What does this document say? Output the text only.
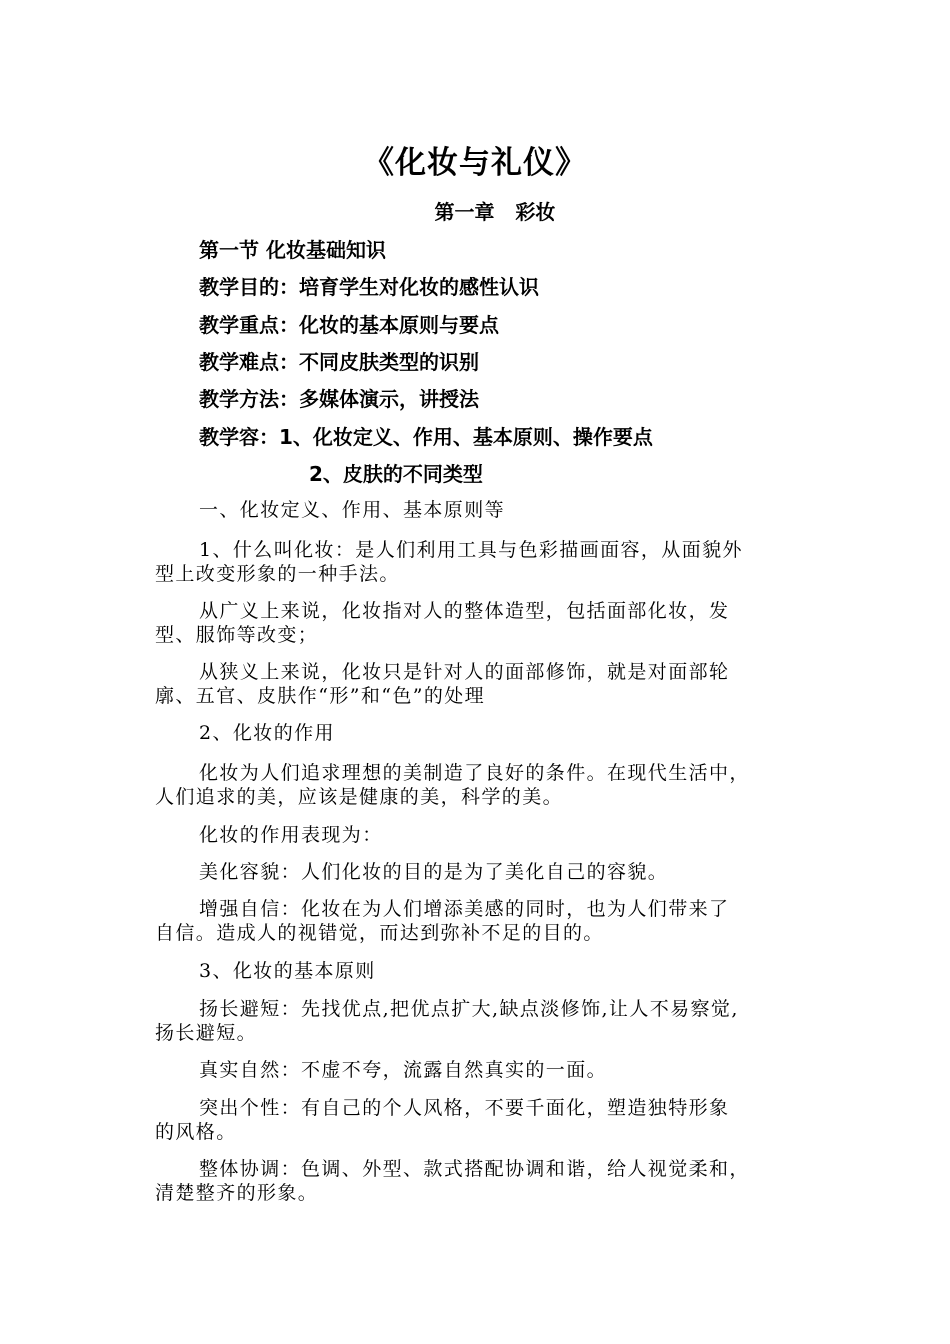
《化妆与礼仪》
第一章   彩妆
第一节 化妆基础知识
教学目的：培育学生对化妆的感性认识
教学重点：化妆的基本原则与要点
教学难点：不同皮肤类型的识别
教学方法：多媒体演示，讲授法
教学容：1、化妆定义、作用、基本原则、操作要点
2、皮肤的不同类型
一、化妆定义、作用、基本原则等
1、什么叫化妆：是人们利用工具与色彩描画面容，从面貌外
型上改变形象的一种手法。
从广义上来说，化妆指对人的整体造型，包括面部化妆，发
型、服饰等改变；
从狭义上来说，化妆只是针对人的面部修饰，就是对面部轮
廓、五官、皮肤作“形”和“色”的处理
2、化妆的作用
化妆为人们追求理想的美制造了良好的条件。在现代生活中，
人们追求的美，应该是健康的美，科学的美。
化妆的作用表现为：
美化容貌：人们化妆的目的是为了美化自己的容貌。
增强自信：化妆在为人们增添美感的同时，也为人们带来了
自信。造成人的视错觉，而达到弥补不足的目的。
3、化妆的基本原则
扬长避短：先找优点,把优点扩大,缺点淡修饰,让人不易察觉,
扬长避短。
真实自然：不虚不夸，流露自然真实的一面。
突出个性：有自己的个人风格，不要千面化，塑造独特形象
的风格。
整体协调：色调、外型、款式搭配协调和谐，给人视觉柔和，
清楚整齐的形象。
